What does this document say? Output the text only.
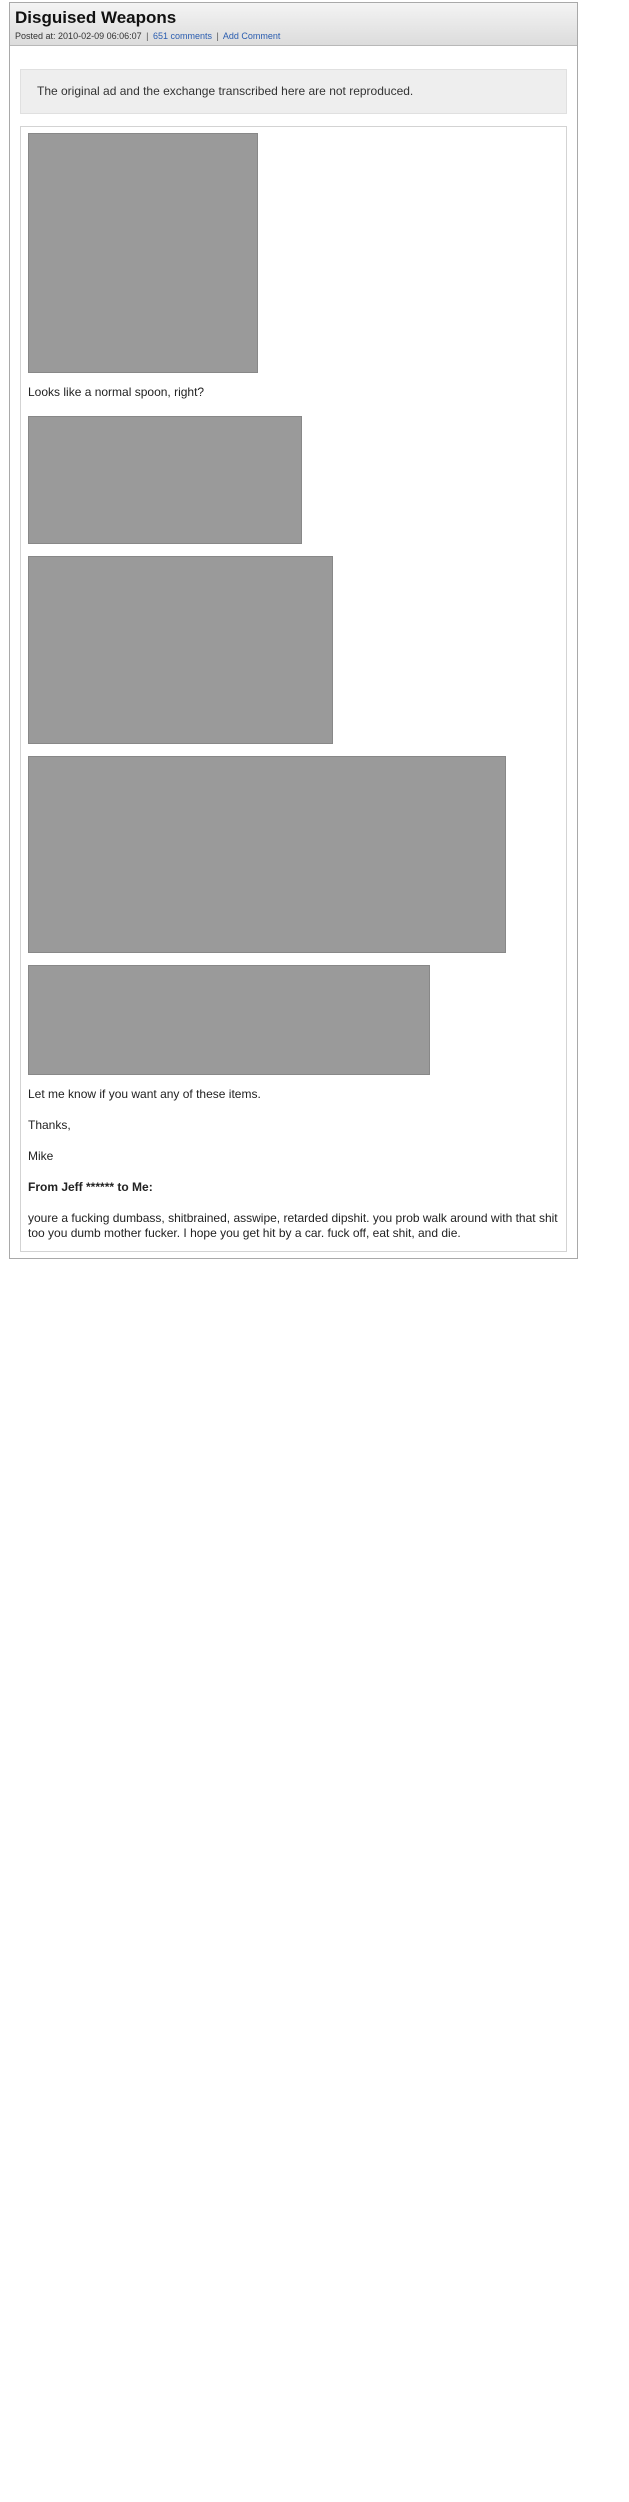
Disguised Weapons
Posted at: 2010-02-09 06:06:07 | 651 comments | Add Comment
The original ad and the exchange transcribed here are not reproduced.

Looks like a normal spoon, right?

Let me know if you want any of these items.

Thanks,

Mike

From Jeff ****** to Me:

youre a fucking dumbass, shitbrained, asswipe, retarded dipshit. you prob walk around with that shit too you dumb mother fucker. I hope you get hit by a car. fuck off, eat shit, and die.
